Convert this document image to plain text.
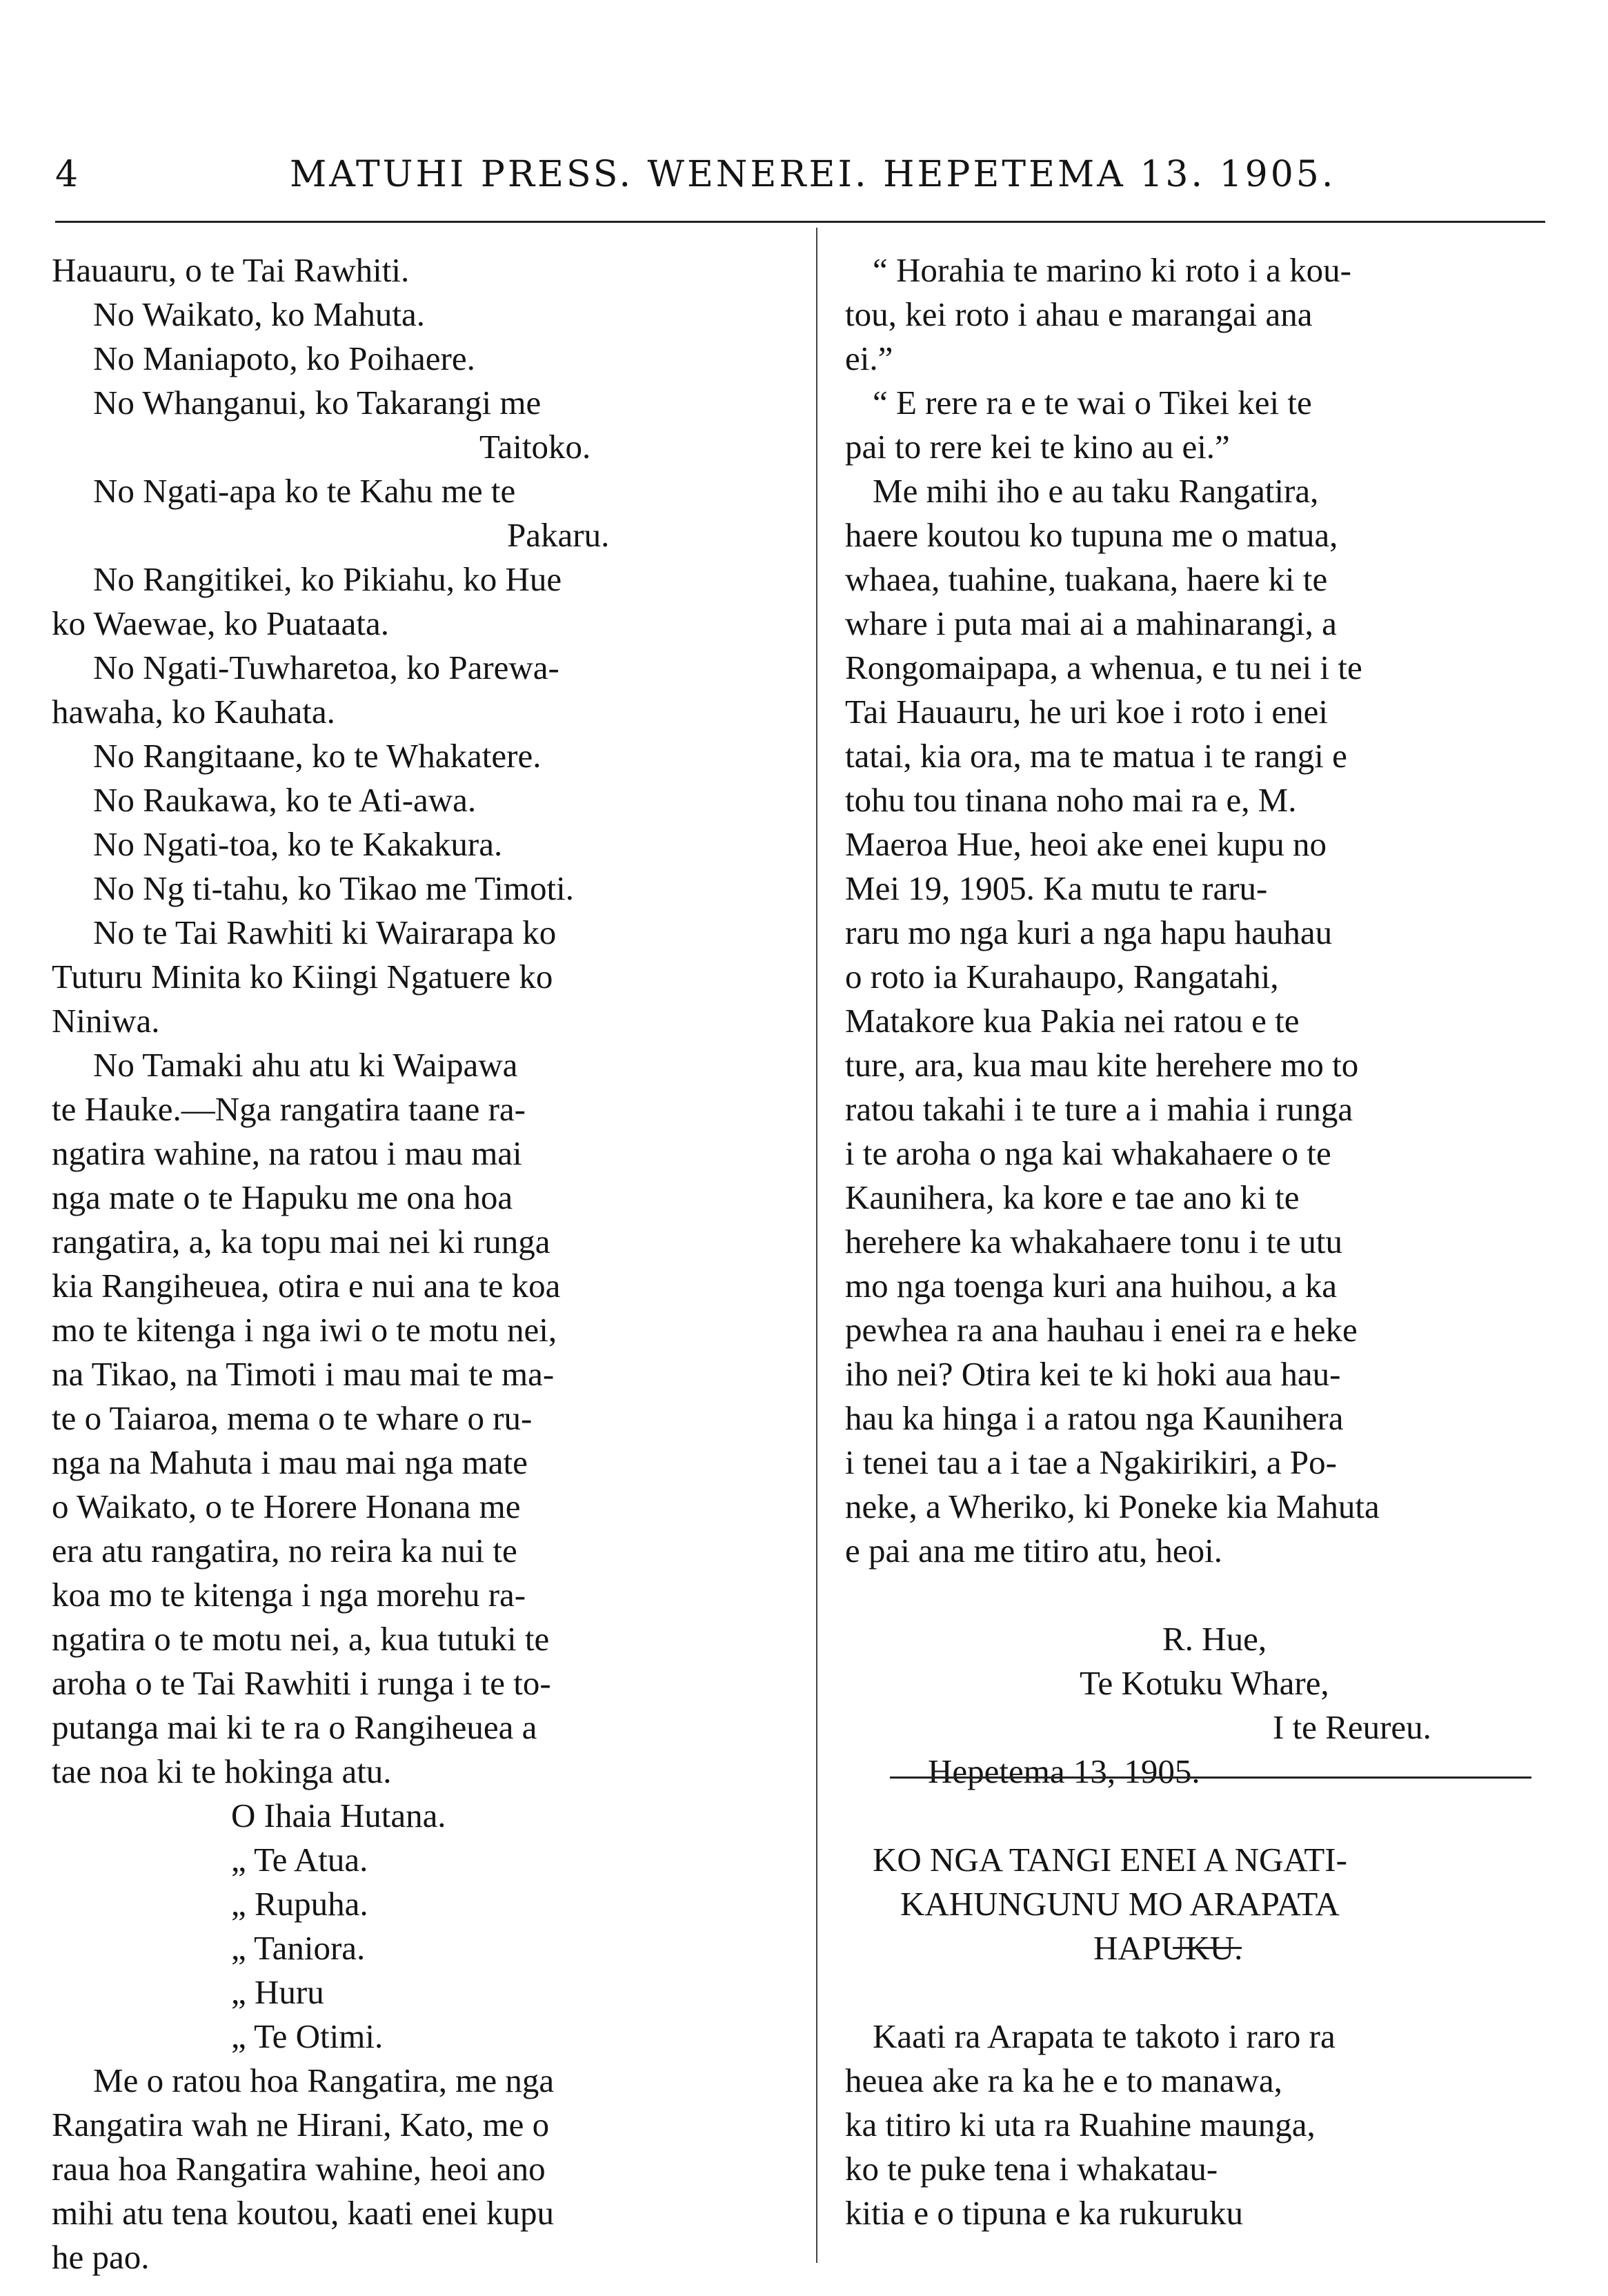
4	MATUHI PRESS. WENEREI. HEPETEMA 13. 1905.
Hauauru, o te Tai Rawhiti.
No Waikato, ko Mahuta.
No Maniapoto, ko Poihaere.
No Whanganui, ko Takarangi me
Taitoko.
No Ngati-apa ko te Kahu me te
Pakaru.
No Rangitikei, ko Pikiahu, ko Hue
ko Waewae, ko Puataata.
No Ngati-Tuwharetoa, ko Parewa-
hawaha, ko Kauhata.
No Rangitaane, ko te Whakatere.
No Raukawa, ko te Ati-awa.
No Ngati-toa, ko te Kakakura.
No Ng ti-tahu, ko Tikao me Timoti.
No te Tai Rawhiti ki Wairarapa ko
Tuturu Minita ko Kiingi Ngatuere ko
Niniwa.
No Tamaki ahu atu ki Waipawa
te Hauke.—Nga rangatira taane ra-
ngatira wahine, na ratou i mau mai
nga mate o te Hapuku me ona hoa
rangatira, a, ka topu mai nei ki runga
kia Rangiheuea, otira e nui ana te koa
mo te kitenga i nga iwi o te motu nei,
na Tikao, na Timoti i mau mai te ma-
te o Taiaroa, mema o te whare o ru-
nga na Mahuta i mau mai nga mate
o Waikato, o te Horere Honana me
era atu rangatira, no reira ka nui te
koa mo te kitenga i nga morehu ra-
ngatira o te motu nei, a, kua tutuki te
aroha o te Tai Rawhiti i runga i te to-
putanga mai ki te ra o Rangiheuea a
tae noa ki te hokinga atu.
O Ihaia Hutana.
„ Te Atua.
„ Rupuha.
„ Taniora.
„ Huru
„ Te Otimi.
Me o ratou hoa Rangatira, me nga
Rangatira wah ne Hirani, Kato, me o
raua hoa Rangatira wahine, heoi ano
mihi atu tena koutou, kaati enei kupu
he pao.
“ Horahia te marino ki roto i a kou-
tou, kei roto i ahau e marangai ana
ei.”
“ E rere ra e te wai o Tikei kei te
pai to rere kei te kino au ei.”
Me mihi iho e au taku Rangatira,
haere koutou ko tupuna me o matua,
whaea, tuahine, tuakana, haere ki te
whare i puta mai ai a mahinarangi, a
Rongomaipapa, a whenua, e tu nei i te
Tai Hauauru, he uri koe i roto i enei
tatai, kia ora, ma te matua i te rangi e
tohu tou tinana noho mai ra e, M.
Maeroa Hue, heoi ake enei kupu no
Mei 19, 1905. Ka mutu te raru-
raru mo nga kuri a nga hapu hauhau
o roto ia Kurahaupo, Rangatahi,
Matakore kua Pakia nei ratou e te
ture, ara, kua mau kite herehere mo to
ratou takahi i te ture a i mahia i runga
i te aroha o nga kai whakahaere o te
Kaunihera, ka kore e tae ano ki te
herehere ka whakahaere tonu i te utu
mo nga toenga kuri ana huihou, a ka
pewhea ra ana hauhau i enei ra e heke
iho nei? Otira kei te ki hoki aua hau-
hau ka hinga i a ratou nga Kaunihera
i tenei tau a i tae a Ngakirikiri, a Po-
neke, a Wheriko, ki Poneke kia Mahuta
e pai ana me titiro atu, heoi.
R. Hue,
Te Kotuku Whare,
I te Reureu.
Hepetema 13, 1905.
KO NGA TANGI ENEI A NGATI-
KAHUNGUNU MO ARAPATA
HAPUKU.
Kaati ra Arapata te takoto i raro ra
heuea ake ra ka he e to manawa,
ka titiro ki uta ra Ruahine maunga,
ko te puke tena i whakatau-
kitia e o tipuna e ka rukuruku
